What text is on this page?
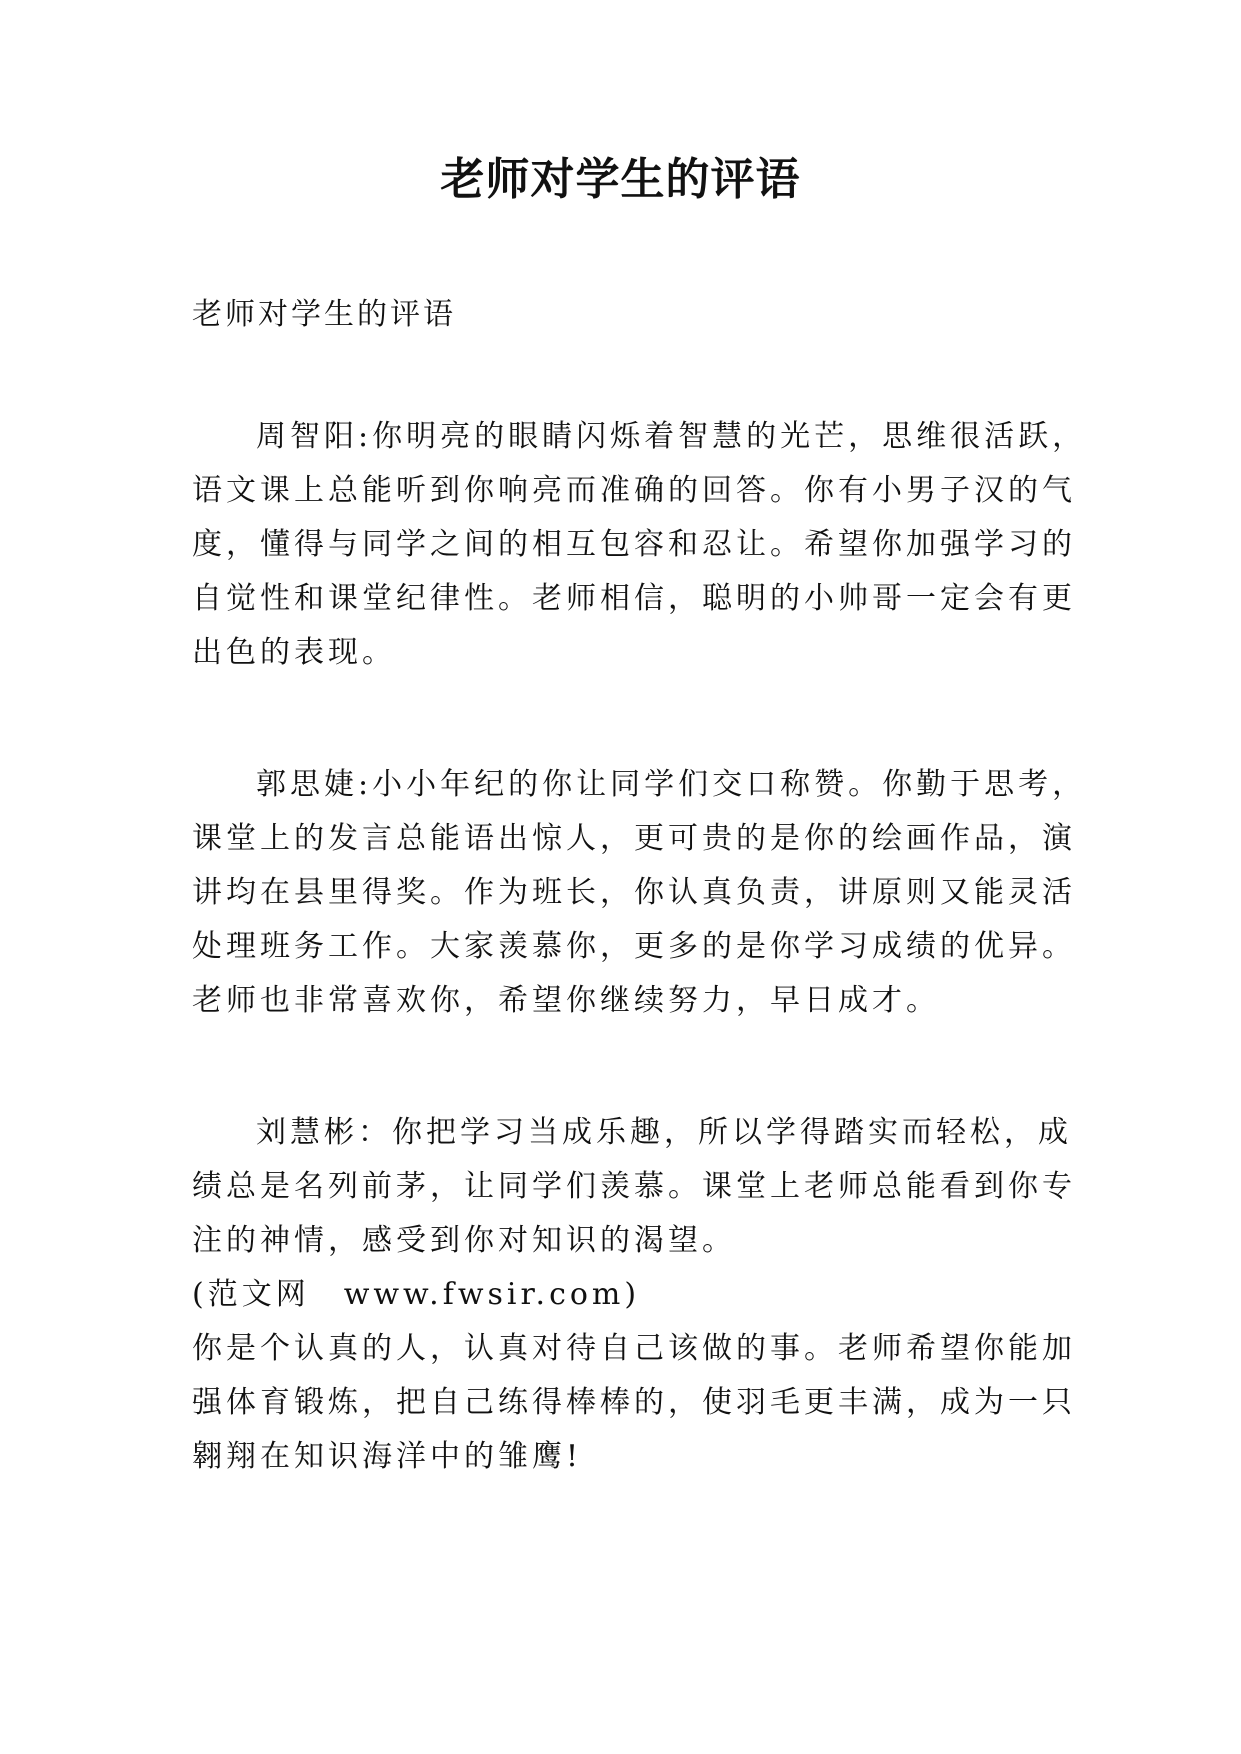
老师对学生的评语

老师对学生的评语

周智阳:你明亮的眼睛闪烁着智慧的光芒，思维很活跃，
语文课上总能听到你响亮而准确的回答。你有小男子汉的气
度，懂得与同学之间的相互包容和忍让。希望你加强学习的
自觉性和课堂纪律性。老师相信，聪明的小帅哥一定会有更
出色的表现。
郭思婕:小小年纪的你让同学们交口称赞。你勤于思考，
课堂上的发言总能语出惊人，更可贵的是你的绘画作品，演
讲均在县里得奖。作为班长，你认真负责，讲原则又能灵活
处理班务工作。大家羡慕你，更多的是你学习成绩的优异。
老师也非常喜欢你，希望你继续努力，早日成才。
刘慧彬：你把学习当成乐趣，所以学得踏实而轻松，成
绩总是名列前茅，让同学们羡慕。课堂上老师总能看到你专
注的神情，感受到你对知识的渴望。
(范文网　www.fwsir.com)
你是个认真的人，认真对待自己该做的事。老师希望你能加
强体育锻炼，把自己练得棒棒的，使羽毛更丰满，成为一只
翱翔在知识海洋中的雏鹰!
